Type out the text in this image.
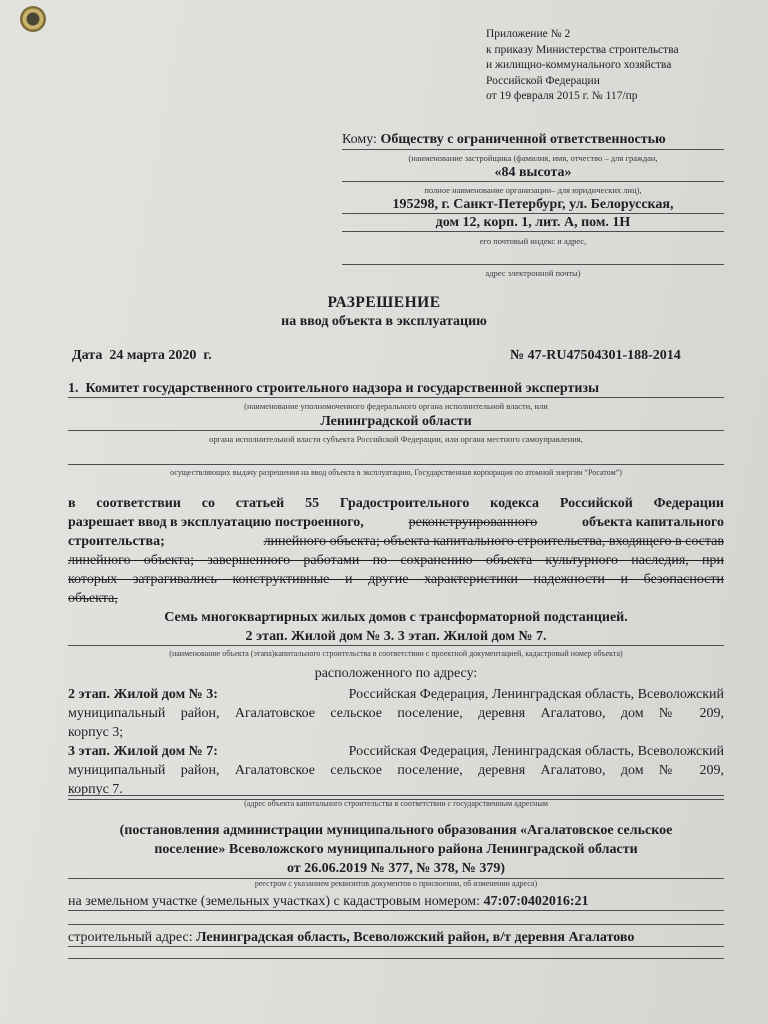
Приложение № 2
к приказу Министерства строительства
и жилищно-коммунального хозяйства
Российской Федерации
от 19 февраля 2015 г. № 117/пр
Кому: Обществу с ограниченной ответственностью
(наименование застройщика (фамилия, имя, отчество – для граждан,
«84 высота»
полное наименование организации– для юридических лиц),
195298, г. Санкт-Петербург, ул. Белорусская,
дом 12, корп. 1, лит. А, пом. 1Н
его почтовый индекс и адрес,
адрес электронной почты)
РАЗРЕШЕНИЕ
на ввод объекта в эксплуатацию
Дата 24 марта 2020 г.	№ 47-RU47504301-188-2014
1. Комитет государственного строительного надзора и государственной экспертизы
(наименование уполномоченного федерального органа исполнительной власти, или
Ленинградской области
органа исполнительной власти субъекта Российской Федерации, или органа местного самоуправления,
осуществляющих выдачу разрешения на ввод объекта в эксплуатацию, Государственная корпорация по атомной энергии “Росатом”)
в соответствии со статьей 55 Градостроительного кодекса Российской Федерации
разрешает ввод в эксплуатацию построенного,	реконструированного	объекта капитального
строительства;	линейного объекта; объекта капитального строительства, входящего в состав
линейного объекта; завершенного работами по сохранению объекта культурного наследия, при
которых затрагивались конструктивные и другие характеристики надежности и безопасности
объекта,
Семь многоквартирных жилых домов с трансформаторной подстанцией.
2 этап. Жилой дом № 3. 3 этап. Жилой дом № 7.
(наименование объекта (этапа)капитального строительства в соответствии с проектной документацией, кадастровый номер объекта)
расположенного по адресу:
2 этап. Жилой дом № 3:	Российская Федерация, Ленинградская область, Всеволожский
муниципальный район, Агалатовское сельское поселение, деревня Агалатово, дом № 209,
корпус 3;
3 этап. Жилой дом № 7:	Российская Федерация, Ленинградская область, Всеволожский
муниципальный район, Агалатовское сельское поселение, деревня Агалатово, дом № 209,
корпус 7.
(адрес объекта капитального строительства в соответствии с государственным адресным
(постановления администрации муниципального образования «Агалатовское сельское
поселение» Всеволожского муниципального района Ленинградской области
от 26.06.2019 № 377, № 378, № 379)
реестром с указанием реквизитов документов о присвоении, об изменении адреса)
на земельном участке (земельных участках) с кадастровым номером: 47:07:0402016:21
строительный адрес: Ленинградская область, Всеволожский район, в/т деревня Агалатово
